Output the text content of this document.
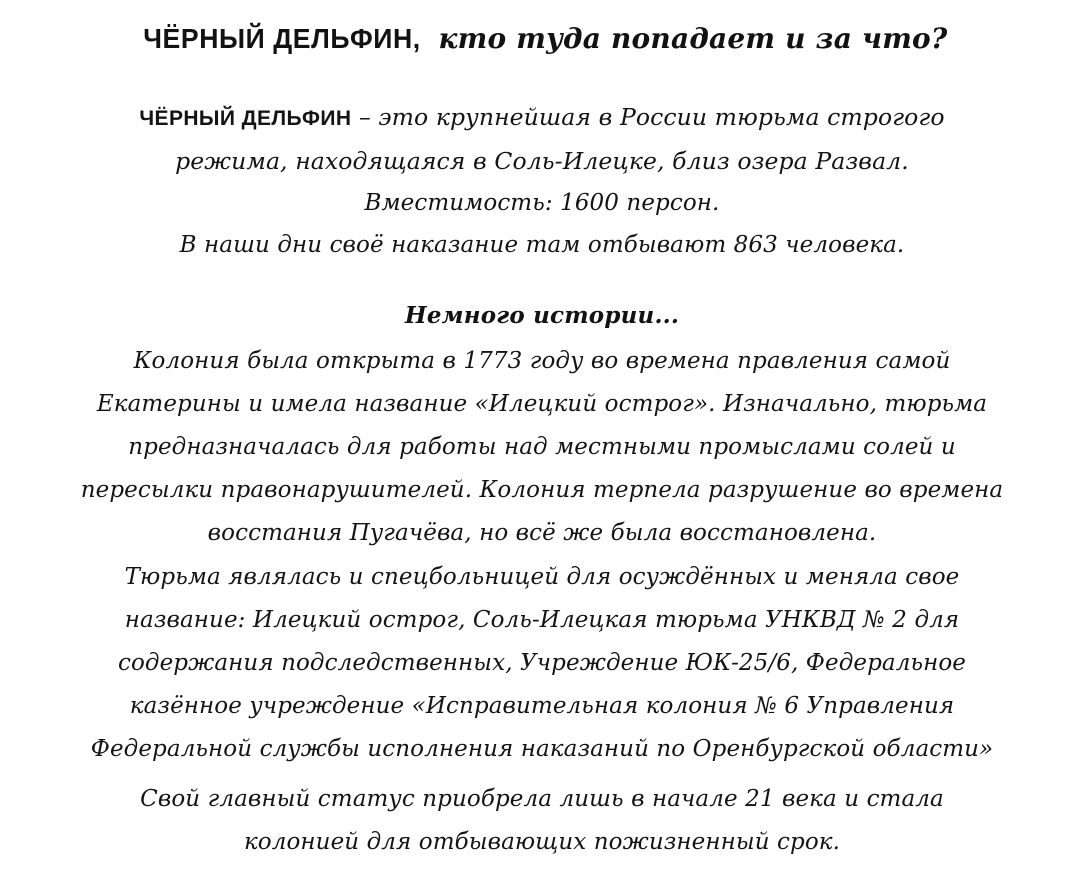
ЧЁРНЫЙ ДЕЛЬФИН, кто туда попадает и за что?
ЧЁРНЫЙ ДЕЛЬФИН – это крупнейшая в России тюрьма строгого
режима, находящаяся в Соль-Илецке, близ озера Развал.
Вместимость: 1600 персон.
В наши дни своё наказание там отбывают 863 человека.
Немного истории...
Колония была открыта в 1773 году во времена правления самой
Екатерины и имела название «Илецкий острог». Изначально, тюрьма
предназначалась для работы над местными промыслами солей и
пересылки правонарушителей. Колония терпела разрушение во времена
восстания Пугачёва, но всё же была восстановлена.
Тюрьма являлась и спецбольницей для осуждённых и меняла свое
название: Илецкий острог, Соль-Илецкая тюрьма УНКВД № 2 для
содержания подследственных, Учреждение ЮК-25/6, Федеральное
казённое учреждение «Исправительная колония № 6 Управления
Федеральной службы исполнения наказаний по Оренбургской области»
Свой главный статус приобрела лишь в начале 21 века и стала
колонией для отбывающих пожизненный срок.
